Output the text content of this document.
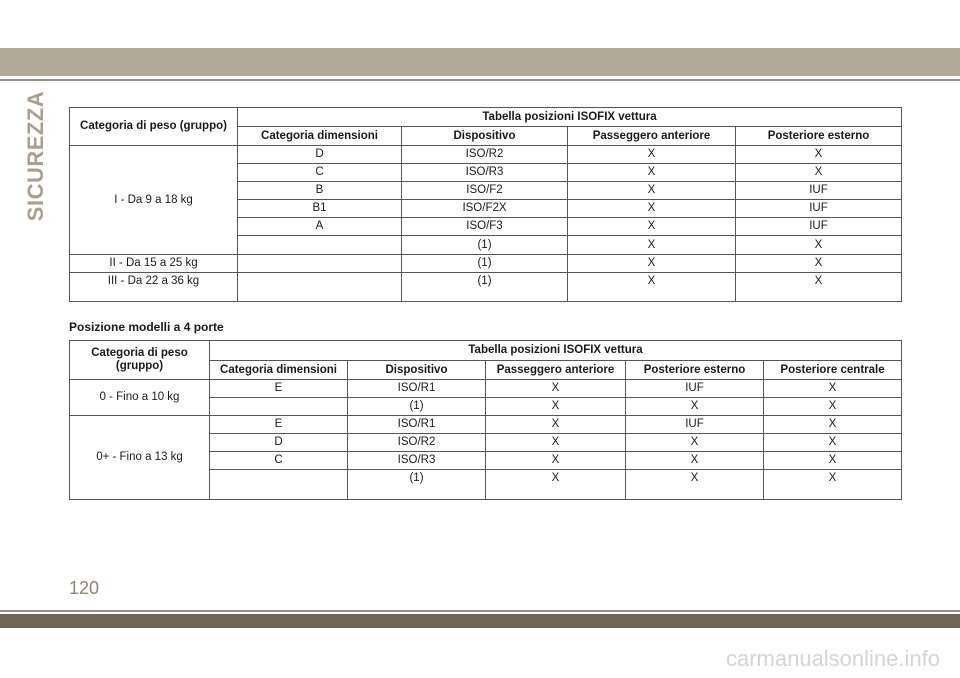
SICUREZZA	Categoria di peso (gruppo)	Tabella posizioni ISOFIX vettura			
	Categoria dimensioni	Dispositivo	Passeggero anteriore	Posteriore esterno
I - Da 9 a 18 kg	D	ISO/R2	X	X
	C	ISO/R3	X	X
	B	ISO/F2	X	IUF
	B1	ISO/F2X	X	IUF
	A	ISO/F3	X	IUF
		(1)	X	X
II - Da 15 a 25 kg		(1)	X	X
III - Da 22 a 36 kg		(1)	X	X
Posizione modelli a 4 porte
Categoria di peso (gruppo)	Tabella posizioni ISOFIX vettura				
	Categoria dimensioni	Dispositivo	Passeggero anteriore	Posteriore esterno	Posteriore centrale
0 - Fino a 10 kg	E	ISO/R1	X	IUF	X
		(1)	X	X	X
0+ - Fino a 13 kg	E	ISO/R1	X	IUF	X
	D	ISO/R2	X	X	X
	C	ISO/R3	X	X	X
		(1)	X	X	X
120
carmanualsonline.info
